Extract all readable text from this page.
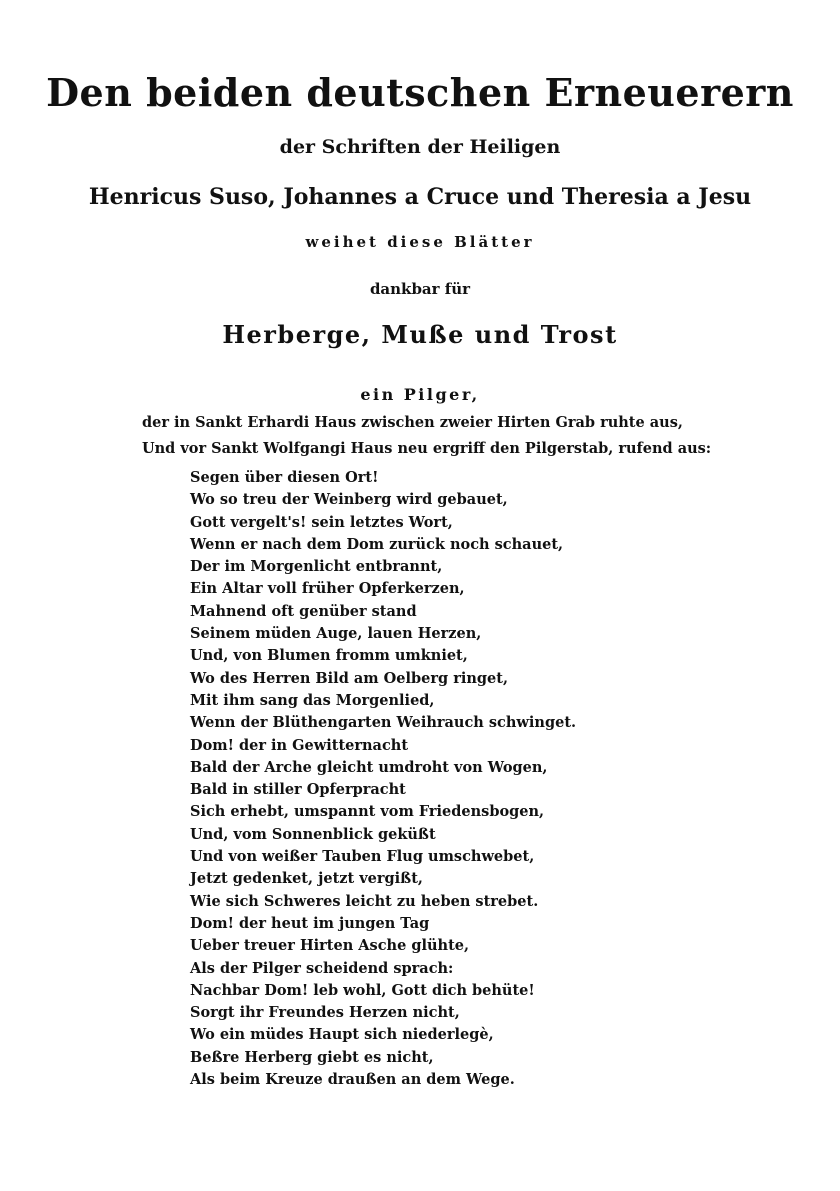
Den beiden deutschen Erneuerern
der Schriften der Heiligen
Henricus Suso, Johannes a Cruce und Theresia a Jesu
weihet diese Blätter
dankbar für
Herberge, Muße und Trost
ein Pilger,
der in Sankt Erhardi Haus zwischen zweier Hirten Grab ruhte aus,
Und vor Sankt Wolfgangi Haus neu ergriff den Pilgerstab, rufend aus:
Segen über diesen Ort!
Wo so treu der Weinberg wird gebauet,
Gott vergelt's! sein letztes Wort,
Wenn er nach dem Dom zurück noch schauet,
Der im Morgenlicht entbrannt,
Ein Altar voll früher Opferkerzen,
Mahnend oft genüber stand
Seinem müden Auge, lauen Herzen,
Und, von Blumen fromm umkniet,
Wo des Herren Bild am Oelberg ringet,
Mit ihm sang das Morgenlied,
Wenn der Blüthengarten Weihrauch schwinget.
Dom! der in Gewitternacht
Bald der Arche gleicht umdroht von Wogen,
Bald in stiller Opferpracht
Sich erhebt, umspannt vom Friedensbogen,
Und, vom Sonnenblick geküßt
Und von weißer Tauben Flug umschwebet,
Jetzt gedenket, jetzt vergißt,
Wie sich Schweres leicht zu heben strebet.
Dom! der heut im jungen Tag
Ueber treuer Hirten Asche glühte,
Als der Pilger scheidend sprach:
Nachbar Dom! leb wohl, Gott dich behüte!
Sorgt ihr Freundes Herzen nicht,
Wo ein müdes Haupt sich niederlegè,
Beßre Herberg giebt es nicht,
Als beim Kreuze draußen an dem Wege.
